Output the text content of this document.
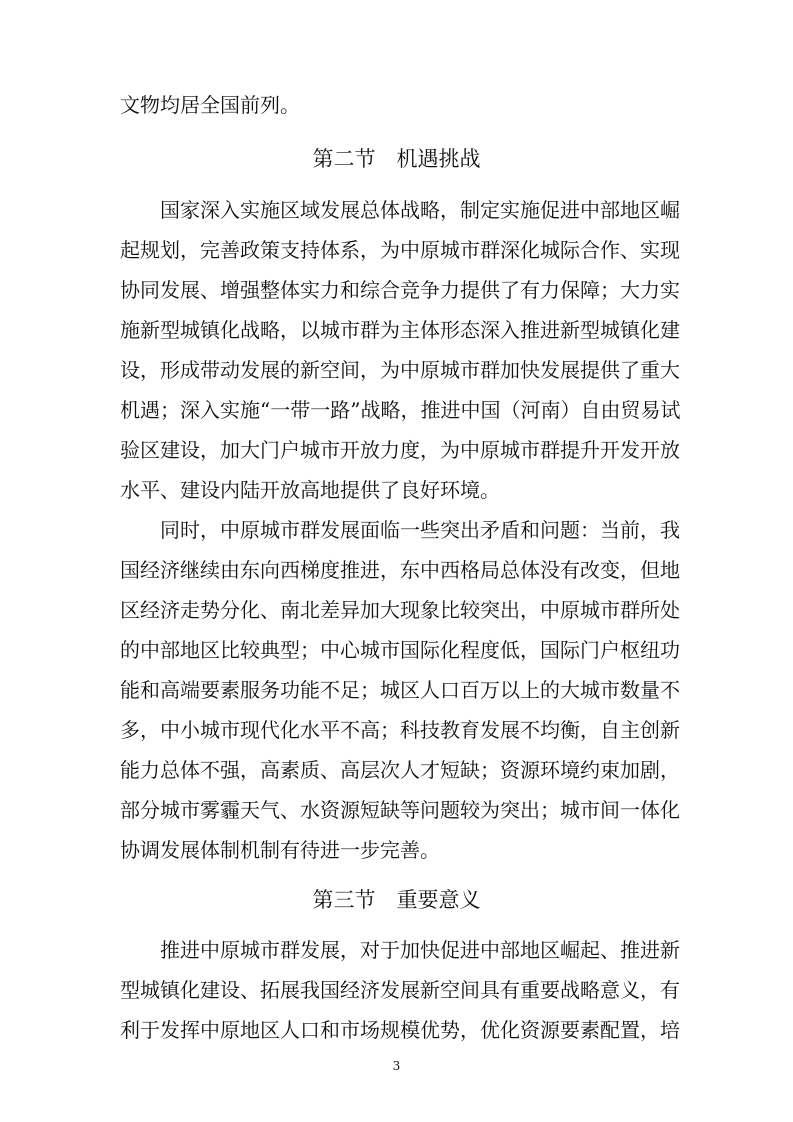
文物均居全国前列。
第二节　机遇挑战
国家深入实施区域发展总体战略，制定实施促进中部地区崛
起规划，完善政策支持体系，为中原城市群深化城际合作、实现
协同发展、增强整体实力和综合竞争力提供了有力保障；大力实
施新型城镇化战略，以城市群为主体形态深入推进新型城镇化建
设，形成带动发展的新空间，为中原城市群加快发展提供了重大
机遇；深入实施“一带一路”战略，推进中国（河南）自由贸易试
验区建设，加大门户城市开放力度，为中原城市群提升开发开放
水平、建设内陆开放高地提供了良好环境。
同时，中原城市群发展面临一些突出矛盾和问题：当前，我
国经济继续由东向西梯度推进，东中西格局总体没有改变，但地
区经济走势分化、南北差异加大现象比较突出，中原城市群所处
的中部地区比较典型；中心城市国际化程度低，国际门户枢纽功
能和高端要素服务功能不足；城区人口百万以上的大城市数量不
多，中小城市现代化水平不高；科技教育发展不均衡，自主创新
能力总体不强，高素质、高层次人才短缺；资源环境约束加剧，
部分城市雾霾天气、水资源短缺等问题较为突出；城市间一体化
协调发展体制机制有待进一步完善。
第三节　重要意义
推进中原城市群发展，对于加快促进中部地区崛起、推进新
型城镇化建设、拓展我国经济发展新空间具有重要战略意义，有
利于发挥中原地区人口和市场规模优势，优化资源要素配置，培
3
